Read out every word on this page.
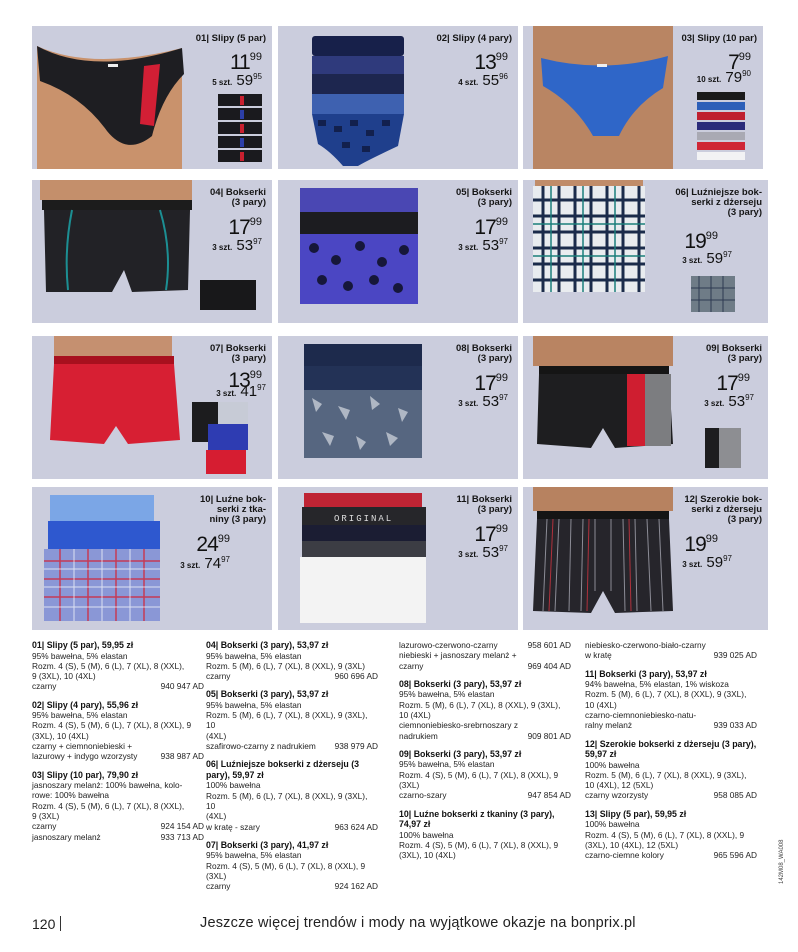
01| Slipy (5 par)
$11^{99}$
5 szt. $59^{95}$
02| Slipy (4 pary)
$13^{99}$
4 szt. $55^{96}$
03| Slipy (10 par)
$7^{99}$
10 szt. $79^{90}$
04| Bokserki
(3 pary)
$17^{99}$
3 szt. $53^{97}$
05| Bokserki
(3 pary)
$17^{99}$
3 szt. $53^{97}$
06| Luźniejsze bok-
serki z dżerseju
(3 pary)
$19^{99}$
3 szt. $59^{97}$
07| Bokserki
(3 pary)
$13^{99}$
3 szt. $41^{97}$
08| Bokserki
(3 pary)
$17^{99}$
3 szt. $53^{97}$
09| Bokserki
(3 pary)
$17^{99}$
3 szt. $53^{97}$
10| Luźne bok-
serki z tka-
niny (3 pary)
$24^{99}$
3 szt. $74^{97}$
ORIGINAL
11| Bokserki
(3 pary)
$17^{99}$
3 szt. $53^{97}$
12| Szerokie bok-
serki z dżerseju
(3 pary)
$19^{99}$
3 szt. $59^{97}$
01| Slipy (5 par), 59,95 zł
95% bawełna, 5% elastan
Rozm. 4 (S), 5 (M), 6 (L), 7 (XL), 8 (XXL),
9 (3XL), 10 (4XL)
czarny	940 947 AD
02| Slipy (4 pary), 55,96 zł
95% bawełna, 5% elastan
Rozm. 4 (S), 5 (M), 6 (L), 7 (XL), 8 (XXL), 9
(3XL), 10 (4XL)
czarny + ciemnoniebieski + lazurowy + indygo wzorzysty	938 987 AD
03| Slipy (10 par), 79,90 zł
jasnoszary melanż: 100% bawełna, kolo-
rowe: 100% bawełna
Rozm. 4 (S), 5 (M), 6 (L), 7 (XL), 8 (XXL),
9 (3XL)
czarny	924 154 AD
jasnoszary melanż	933 713 AD
04| Bokserki (3 pary), 53,97 zł
95% bawełna, 5% elastan
Rozm. 5 (M), 6 (L), 7 (XL), 8 (XXL), 9 (3XL)
czarny	960 696 AD
05| Bokserki (3 pary), 53,97 zł
95% bawełna, 5% elastan
Rozm. 5 (M), 6 (L), 7 (XL), 8 (XXL), 9 (3XL), 10
(4XL)
szafirowo-czarny z nadrukiem 938 979 AD
06| Luźniejsze bokserki z dżerseju (3 pary), 59,97 zł
100% bawełna
Rozm. 5 (M), 6 (L), 7 (XL), 8 (XXL), 9 (3XL), 10
(4XL)
w kratę - szary	963 624 AD
07| Bokserki (3 pary), 41,97 zł
95% bawełna, 5% elastan
Rozm. 4 (S), 5 (M), 6 (L), 7 (XL), 8 (XXL), 9
(3XL)
czarny	924 162 AD
lazurowo-czerwono-czarny	958 601 AD
niebieski + jasnoszary melanż + czarny	969 404 AD
08| Bokserki (3 pary), 53,97 zł
95% bawełna, 5% elastan
Rozm. 5 (M), 6 (L), 7 (XL), 8 (XXL), 9 (3XL),
10 (4XL)
ciemnoniebiesko-srebrnoszary z nadrukiem	909 801 AD
09| Bokserki (3 pary), 53,97 zł
95% bawełna, 5% elastan
Rozm. 4 (S), 5 (M), 6 (L), 7 (XL), 8 (XXL), 9
(3XL)
czarno-szary	947 854 AD
10| Luźne bokserki z tkaniny (3 pary), 74,97 zł
100% bawełna
Rozm. 4 (S), 5 (M), 6 (L), 7 (XL), 8 (XXL), 9
(3XL), 10 (4XL)
niebiesko-czerwono-biało-czarny w kratę	939 025 AD
11| Bokserki (3 pary), 53,97 zł
94% bawełna, 5% elastan, 1% wiskoza
Rozm. 5 (M), 6 (L), 7 (XL), 8 (XXL), 9 (3XL),
10 (4XL)
czarno-ciemnoniebiesko-natu- ralny melanż	939 033 AD
12| Szerokie bokserki z dżerseju (3 pary), 59,97 zł
100% bawełna
Rozm. 5 (M), 6 (L), 7 (XL), 8 (XXL), 9 (3XL),
10 (4XL), 12 (5XL)
czarny wzorzysty	958 085 AD
13| Slipy (5 par), 59,95 zł
100% bawełna
Rozm. 4 (S), 5 (M), 6 (L), 7 (XL), 8 (XXL), 9
(3XL), 10 (4XL), 12 (5XL)
czarno-ciemne kolory	965 596 AD
120	Jeszcze więcej trendów i mody na wyjątkowe okazje na bonprix.pl
142M08_WA008
